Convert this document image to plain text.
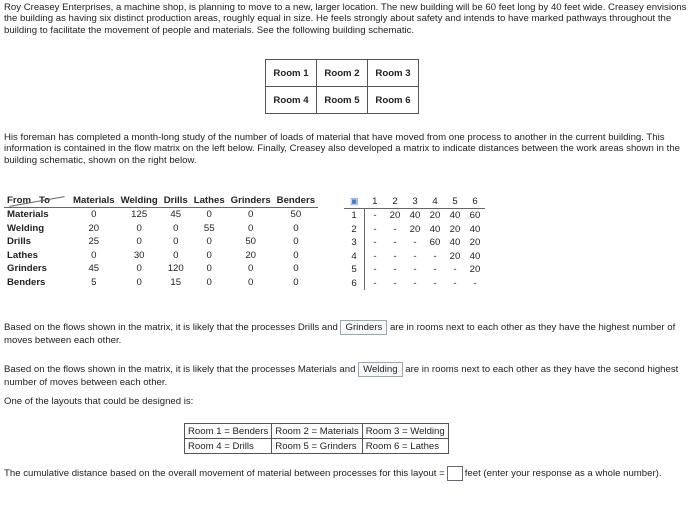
Roy Creasey Enterprises, a machine shop, is planning to move to a new, larger location. The new building will be 60 feet long by 40 feet wide. Creasey envisions the building as having six distinct production areas, roughly equal in size. He feels strongly about safety and intends to have marked pathways throughout the building to facilitate the movement of people and materials. See the following building schematic.
Room 1	Room 2	Room 3
Room 4	Room 5	Room 6
His foreman has completed a month-long study of the number of loads of material that have moved from one process to another in the current building. This information is contained in the flow matrix on the left below. Finally, Creasey also developed a matrix to indicate distances between the work areas shown in the building schematic, shown on the right below.
From To	Materials	Welding	Drills	Lathes	Grinders	Benders
Materials	0	125	45	0	0	50
Welding	20	0	0	55	0	0
Drills	25	0	0	0	50	0
Lathes	0	30	0	0	20	0
Grinders	45	0	120	0	0	0
Benders	5	0	15	0	0	0
▣	1	2	3	4	5	6
1	-	20	40	20	40	60
2	-	-	20	40	20	40
3	-	-	-	60	40	20
4	-	-	-	-	20	40
5	-	-	-	-	-	20
6	-	-	-	-	-	-
Based on the flows shown in the matrix, it is likely that the processes Drills and Grinders are in rooms next to each other as they have the highest number of moves between each other.
Based on the flows shown in the matrix, it is likely that the processes Materials and Welding are in rooms next to each other as they have the second highest number of moves between each other.
One of the layouts that could be designed is:
Room 1 = Benders	Room 2 = Materials	Room 3 = Welding
Room 4 = Drills	Room 5 = Grinders	Room 6 = Lathes
The cumulative distance based on the overall movement of material between processes for this layout = feet (enter your response as a whole number).
